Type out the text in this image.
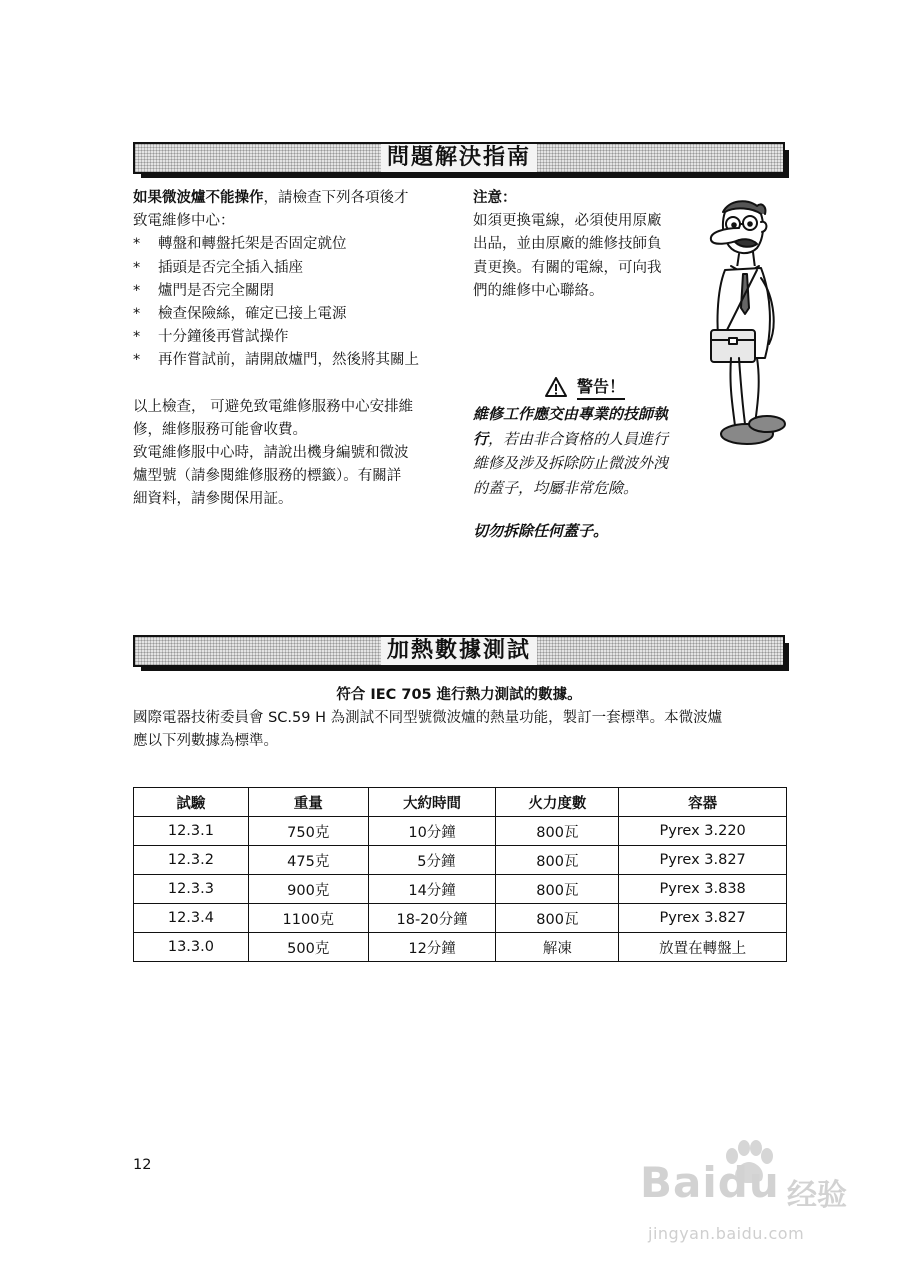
問題解決指南

如果微波爐不能操作，請檢查下列各項後才

致電維修中心：

* 轉盤和轉盤托架是否固定就位
* 插頭是否完全插入插座
* 爐門是否完全關閉
* 檢查保險絲，確定已接上電源
* 十分鐘後再嘗試操作
* 再作嘗試前，請開啟爐門，然後將其關上

以上檢查， 可避免致電維修服務中心安排維

修，維修服務可能會收費。

致電維修服中心時，請說出機身編號和微波

爐型號（請參閱維修服務的標籤）。有關詳

細資料，請參閱保用証。

注意：

如須更換電線，必須使用原廠

出品，並由原廠的維修技師負

責更換。有關的電線，可向我

們的維修中心聯絡。

警告！

維修工作應交由專業的技師執

行，若由非合資格的人員進行

維修及涉及拆除防止微波外洩

的蓋子，均屬非常危險。

切勿拆除任何蓋子。
加熱數據測試
符合 IEC 705 進行熱力測試的數據。

國際電器技術委員會 SC.59 H 為測試不同型號微波爐的熱量功能，製訂一套標準。本微波爐

應以下列數據為標準。

試驗	重量	大約時間	火力度數	容器
12.3.1	750克	10分鐘	800瓦	Pyrex 3.220
12.3.2	475克	5分鐘	800瓦	Pyrex 3.827
12.3.3	900克	14分鐘	800瓦	Pyrex 3.838
12.3.4	1100克	18-20分鐘	800瓦	Pyrex 3.827
13.3.0	500克	12分鐘	解凍	放置在轉盤上
12	Baidu 经验
jingyan.baidu.com
